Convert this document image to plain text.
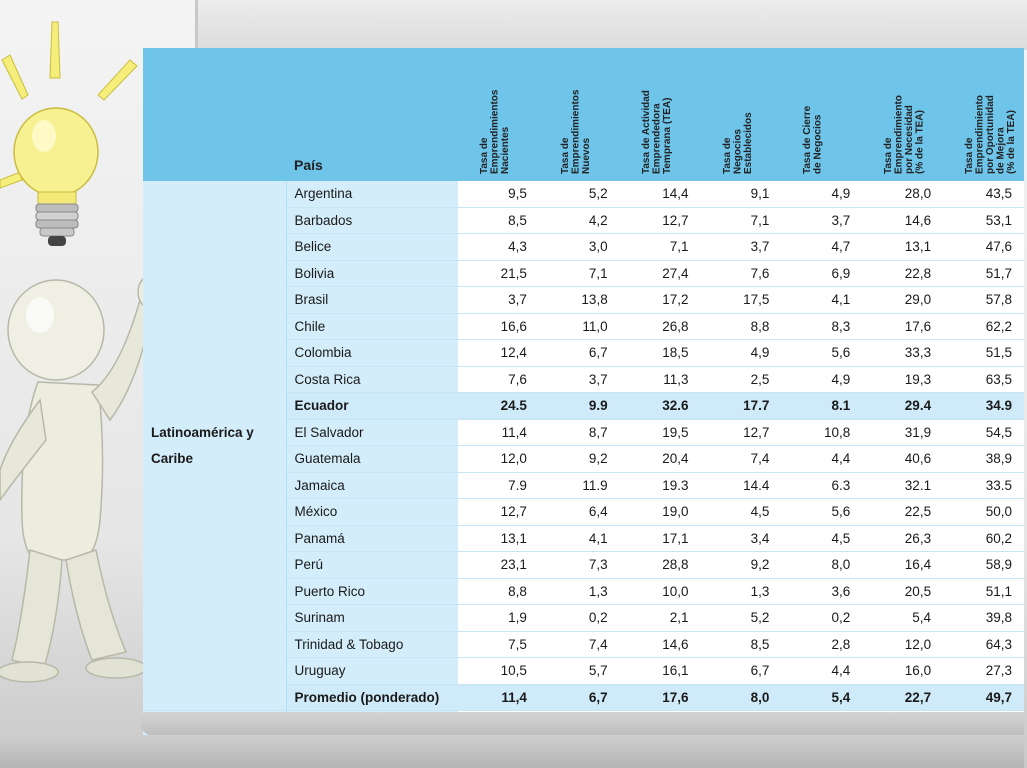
	País	Tasa de
Emprendimientos
Nacientes	Tasa de
Emprendimientos
Nuevos	Tasa de Actividad
Emprendedora
Temprana (TEA)	Tasa de
Negocios
Establecidos	Tasa de Cierre
de Negocios	Tasa de
Emprendimiento
por Necesidad
(% de la TEA)	Tasa de
Emprendimiento
por Oportunidad
de Mejora
(% de la TEA)
Latinoamérica y Caribe	Argentina	9,5	5,2	14,4	9,1	4,9	28,0	43,5
	Barbados	8,5	4,2	12,7	7,1	3,7	14,6	53,1
	Belice	4,3	3,0	7,1	3,7	4,7	13,1	47,6
	Bolivia	21,5	7,1	27,4	7,6	6,9	22,8	51,7
	Brasil	3,7	13,8	17,2	17,5	4,1	29,0	57,8
	Chile	16,6	11,0	26,8	8,8	8,3	17,6	62,2
	Colombia	12,4	6,7	18,5	4,9	5,6	33,3	51,5
	Costa Rica	7,6	3,7	11,3	2,5	4,9	19,3	63,5
	Ecuador	24.5	9.9	32.6	17.7	8.1	29.4	34.9
	El Salvador	11,4	8,7	19,5	12,7	10,8	31,9	54,5
	Guatemala	12,0	9,2	20,4	7,4	4,4	40,6	38,9
	Jamaica	7.9	11.9	19.3	14.4	6.3	32.1	33.5
	México	12,7	6,4	19,0	4,5	5,6	22,5	50,0
	Panamá	13,1	4,1	17,1	3,4	4,5	26,3	60,2
	Perú	23,1	7,3	28,8	9,2	8,0	16,4	58,9
	Puerto Rico	8,8	1,3	10,0	1,3	3,6	20,5	51,1
	Surinam	1,9	0,2	2,1	5,2	0,2	5,4	39,8
	Trinidad & Tobago	7,5	7,4	14,6	8,5	2,8	12,0	64,3
	Uruguay	10,5	5,7	16,1	6,7	4,4	16,0	27,3
	Promedio (ponderado)	11,4	6,7	17,6	8,0	5,4	22,7	49,7
